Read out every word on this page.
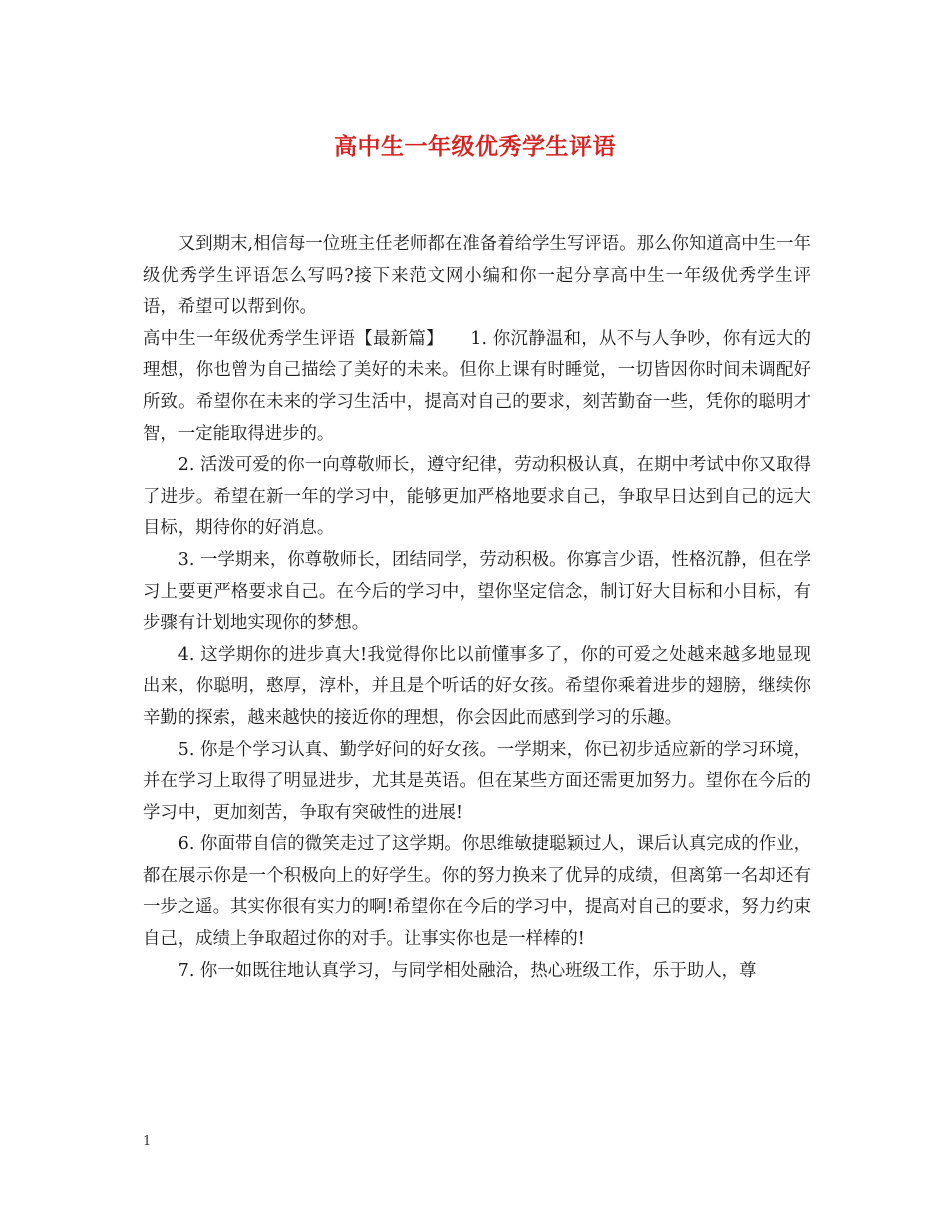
高中生一年级优秀学生评语

又到期末,相信每一位班主任老师都在准备着给学生写评语。那么你知道高中生一年级优秀学生评语怎么写吗?接下来范文网小编和你一起分享高中生一年级优秀学生评语，希望可以帮到你。

高中生一年级优秀学生评语【最新篇】　　1. 你沉静温和，从不与人争吵，你有远大的理想，你也曾为自己描绘了美好的未来。但你上课有时睡觉，一切皆因你时间未调配好所致。希望你在未来的学习生活中，提高对自己的要求，刻苦勤奋一些，凭你的聪明才智，一定能取得进步的。

2. 活泼可爱的你一向尊敬师长，遵守纪律，劳动积极认真，在期中考试中你又取得了进步。希望在新一年的学习中，能够更加严格地要求自己，争取早日达到自己的远大目标，期待你的好消息。

3. 一学期来，你尊敬师长，团结同学，劳动积极。你寡言少语，性格沉静，但在学习上要更严格要求自己。在今后的学习中，望你坚定信念，制订好大目标和小目标，有步骤有计划地实现你的梦想。

4. 这学期你的进步真大!我觉得你比以前懂事多了，你的可爱之处越来越多地显现出来，你聪明，憨厚，淳朴，并且是个听话的好女孩。希望你乘着进步的翅膀，继续你辛勤的探索，越来越快的接近你的理想，你会因此而感到学习的乐趣。

5. 你是个学习认真、勤学好问的好女孩。一学期来，你已初步适应新的学习环境，并在学习上取得了明显进步，尤其是英语。但在某些方面还需更加努力。望你在今后的学习中，更加刻苦，争取有突破性的进展!

6. 你面带自信的微笑走过了这学期。你思维敏捷聪颖过人，课后认真完成的作业，都在展示你是一个积极向上的好学生。你的努力换来了优异的成绩，但离第一名却还有一步之遥。其实你很有实力的啊!希望你在今后的学习中，提高对自己的要求，努力约束自己，成绩上争取超过你的对手。让事实你也是一样棒的!

7. 你一如既往地认真学习，与同学相处融洽，热心班级工作，乐于助人，尊

1
